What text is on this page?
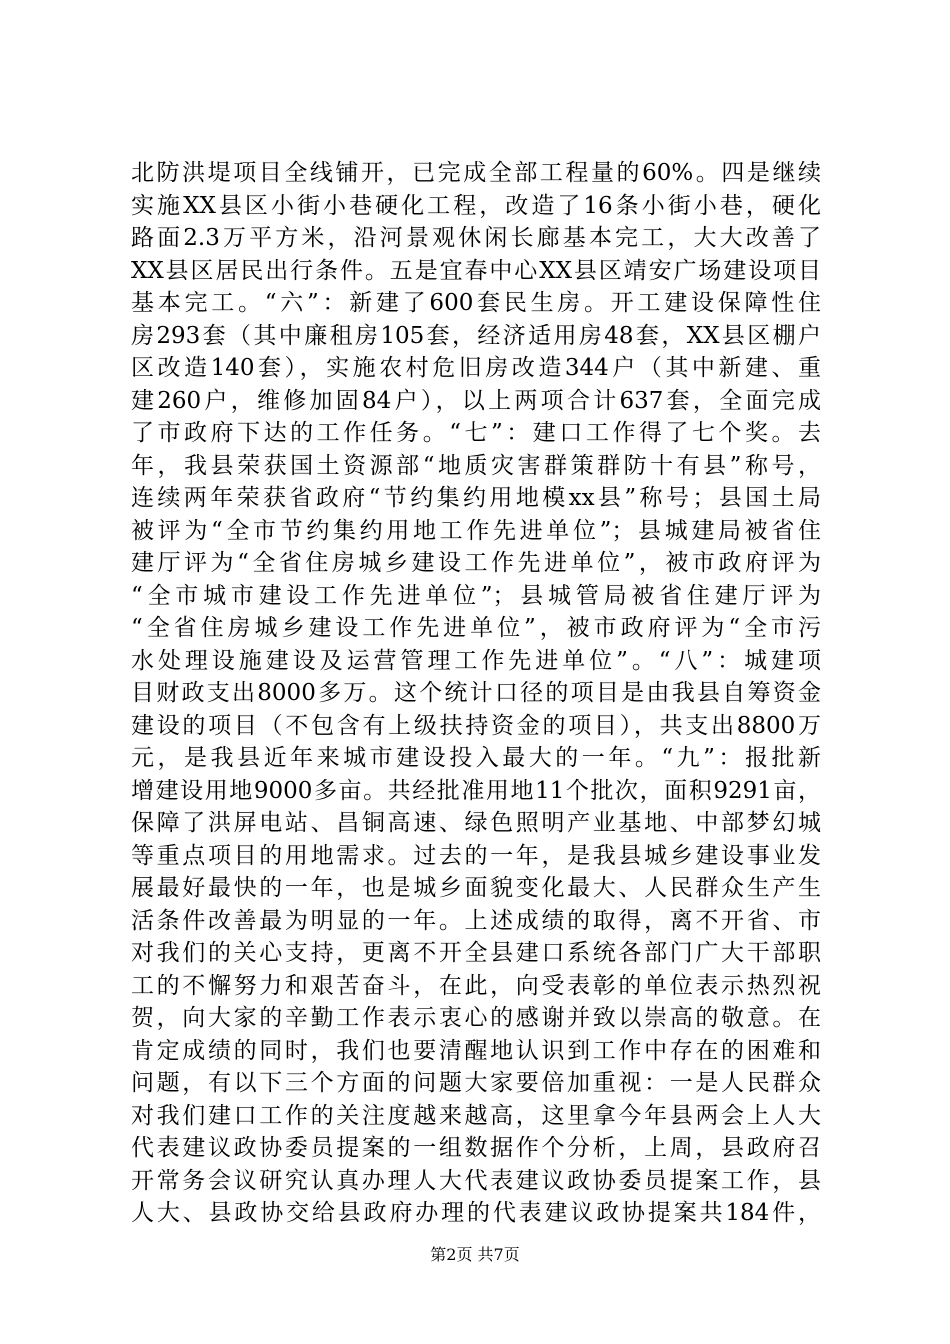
北防洪堤项目全线铺开，已完成全部工程量的60%。四是继续
实施XX县区小街小巷硬化工程，改造了16条小街小巷，硬化
路面2.3万平方米，沿河景观休闲长廊基本完工，大大改善了
XX县区居民出行条件。五是宜春中心XX县区靖安广场建设项目
基本完工。“六”：新建了600套民生房。开工建设保障性住
房293套（其中廉租房105套，经济适用房48套，XX县区棚户
区改造140套），实施农村危旧房改造344户（其中新建、重
建260户，维修加固84户），以上两项合计637套，全面完成
了市政府下达的工作任务。“七”：建口工作得了七个奖。去
年，我县荣获国土资源部“地质灾害群策群防十有县”称号，
连续两年荣获省政府“节约集约用地模xx县”称号；县国土局
被评为“全市节约集约用地工作先进单位”；县城建局被省住
建厅评为“全省住房城乡建设工作先进单位”，被市政府评为
“全市城市建设工作先进单位”；县城管局被省住建厅评为
“全省住房城乡建设工作先进单位”，被市政府评为“全市污
水处理设施建设及运营管理工作先进单位”。“八”：城建项
目财政支出8000多万。这个统计口径的项目是由我县自筹资金
建设的项目（不包含有上级扶持资金的项目），共支出8800万
元，是我县近年来城市建设投入最大的一年。“九”：报批新
增建设用地9000多亩。共经批准用地11个批次，面积9291亩，
保障了洪屏电站、昌铜高速、绿色照明产业基地、中部梦幻城
等重点项目的用地需求。过去的一年，是我县城乡建设事业发
展最好最快的一年，也是城乡面貌变化最大、人民群众生产生
活条件改善最为明显的一年。上述成绩的取得，离不开省、市
对我们的关心支持，更离不开全县建口系统各部门广大干部职
工的不懈努力和艰苦奋斗，在此，向受表彰的单位表示热烈祝
贺，向大家的辛勤工作表示衷心的感谢并致以崇高的敬意。在
肯定成绩的同时，我们也要清醒地认识到工作中存在的困难和
问题，有以下三个方面的问题大家要倍加重视：一是人民群众
对我们建口工作的关注度越来越高，这里拿今年县两会上人大
代表建议政协委员提案的一组数据作个分析，上周，县政府召
开常务会议研究认真办理人大代表建议政协委员提案工作，县
人大、县政协交给县政府办理的代表建议政协提案共184件，
第2页 共7页
